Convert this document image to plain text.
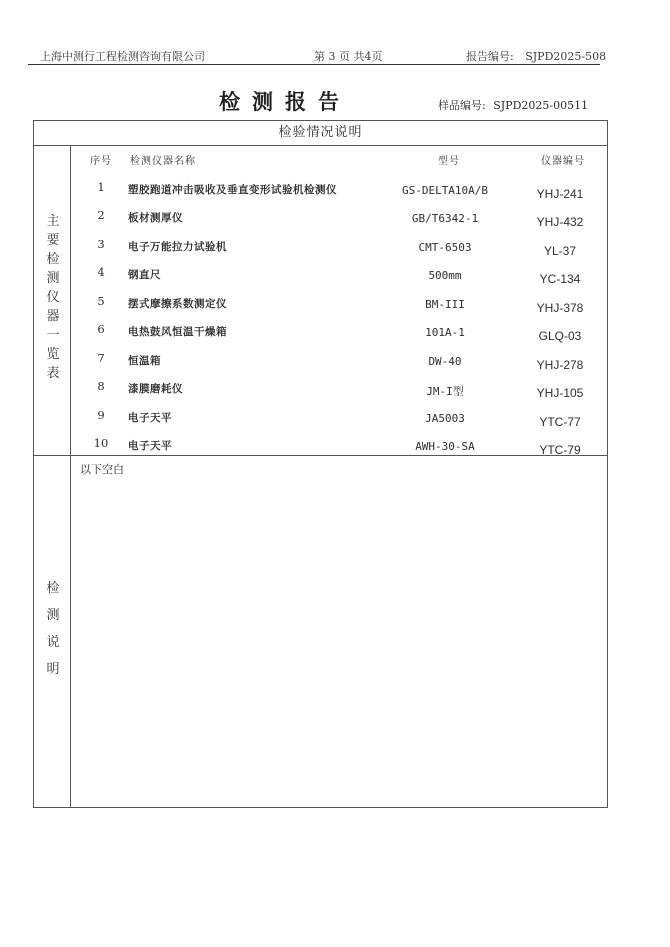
上海中测行工程检测咨询有限公司	第 3 页 共4页	报告编号: SJPD2025-508
检测报告	样品编号: SJPD2025-00511
检验情况说明
主
要
检
测
仪
器
一
览
表
检
测
说
明
序号 检测仪器名称	型号	仪器编号
1	塑胶跑道冲击吸收及垂直变形试验机检测仪	GS-DELTA10A/B	YHJ-241
2	板材测厚仪	GB/T6342-1	YHJ-432
3	电子万能拉力试验机	CMT-6503	YL-37
4	钢直尺	500mm	YC-134
5	摆式摩擦系数测定仪	BM-III	YHJ-378
6	电热鼓风恒温干燥箱	101A-1	GLQ-03
7	恒温箱	DW-40	YHJ-278
8	漆膜磨耗仪	JM-I型	YHJ-105
9	电子天平	JA5003	YTC-77
10	电子天平	AWH-30-SA	YTC-79
以下空白
